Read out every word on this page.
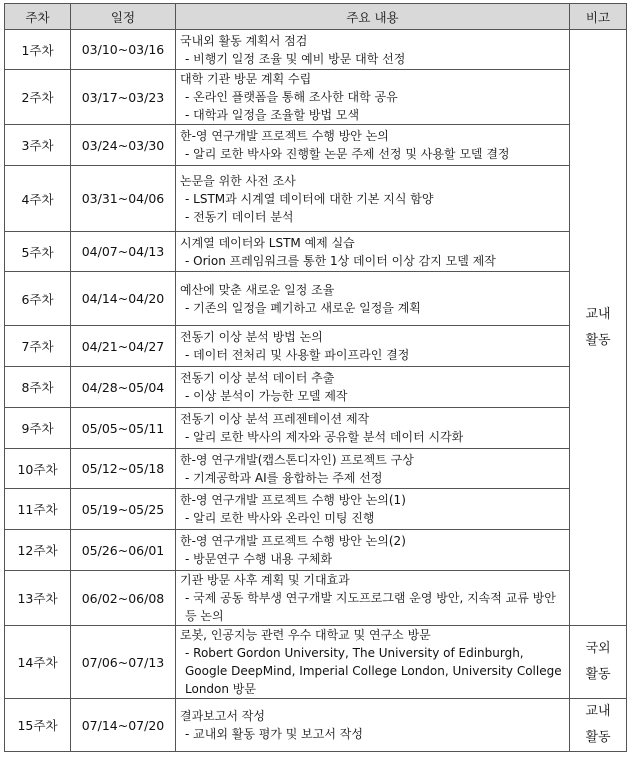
주차	일정	주요 내용	비고
1주차	03/10~03/16	국내외 활동 계획서 점검
- 비행기 일정 조율 및 예비 방문 대학 선정	교내
활동
2주차	03/17~03/23	대학 기관 방문 계획 수립
- 온라인 플랫폼을 통해 조사한 대학 공유
- 대학과 일정을 조율할 방법 모색	

3주차	03/24~03/30	한-영 연구개발 프로젝트 수행 방안 논의
- 알리 로한 박사와 진행할 논문 주제 선정 및 사용할 모델 결정	

4주차	03/31~04/06	논문을 위한 사전 조사
- LSTM과 시계열 데이터에 대한 기본 지식 함양
- 전동기 데이터 분석	

5주차	04/07~04/13	시계열 데이터와 LSTM 예제 실습
- Orion 프레임워크를 통한 1상 데이터 이상 감지 모델 제작	

6주차	04/14~04/20	예산에 맞춘 새로운 일정 조율
- 기존의 일정을 폐기하고 새로운 일정을 계획	

7주차	04/21~04/27	전동기 이상 분석 방법 논의
- 데이터 전처리 및 사용할 파이프라인 결정	

8주차	04/28~05/04	전동기 이상 분석 데이터 추출
- 이상 분석이 가능한 모델 제작	

9주차	05/05~05/11	전동기 이상 분석 프레젠테이션 제작
- 알리 로한 박사의 제자와 공유할 분석 데이터 시각화	

10주차	05/12~05/18	한-영 연구개발(캡스톤디자인) 프로젝트 구상
- 기계공학과 AI를 융합하는 주제 선정	

11주차	05/19~05/25	한-영 연구개발 프로젝트 수행 방안 논의(1)
- 알리 로한 박사와 온라인 미팅 진행	

12주차	05/26~06/01	한-영 연구개발 프로젝트 수행 방안 논의(2)
- 방문연구 수행 내용 구체화	

13주차	06/02~06/08	기관 방문 사후 계획 및 기대효과
- 국제 공동 학부생 연구개발 지도프로그램 운영 방안, 지속적 교류 방안 등 논의	

14주차	07/06~07/13	로봇, 인공지능 관련 우수 대학교 및 연구소 방문
- Robert Gordon University, The University of Edinburgh, Google DeepMind, Imperial College London, University College London 방문	국외
활동
15주차	07/14~07/20	결과보고서 작성
- 교내외 활동 평가 및 보고서 작성	교내
활동
